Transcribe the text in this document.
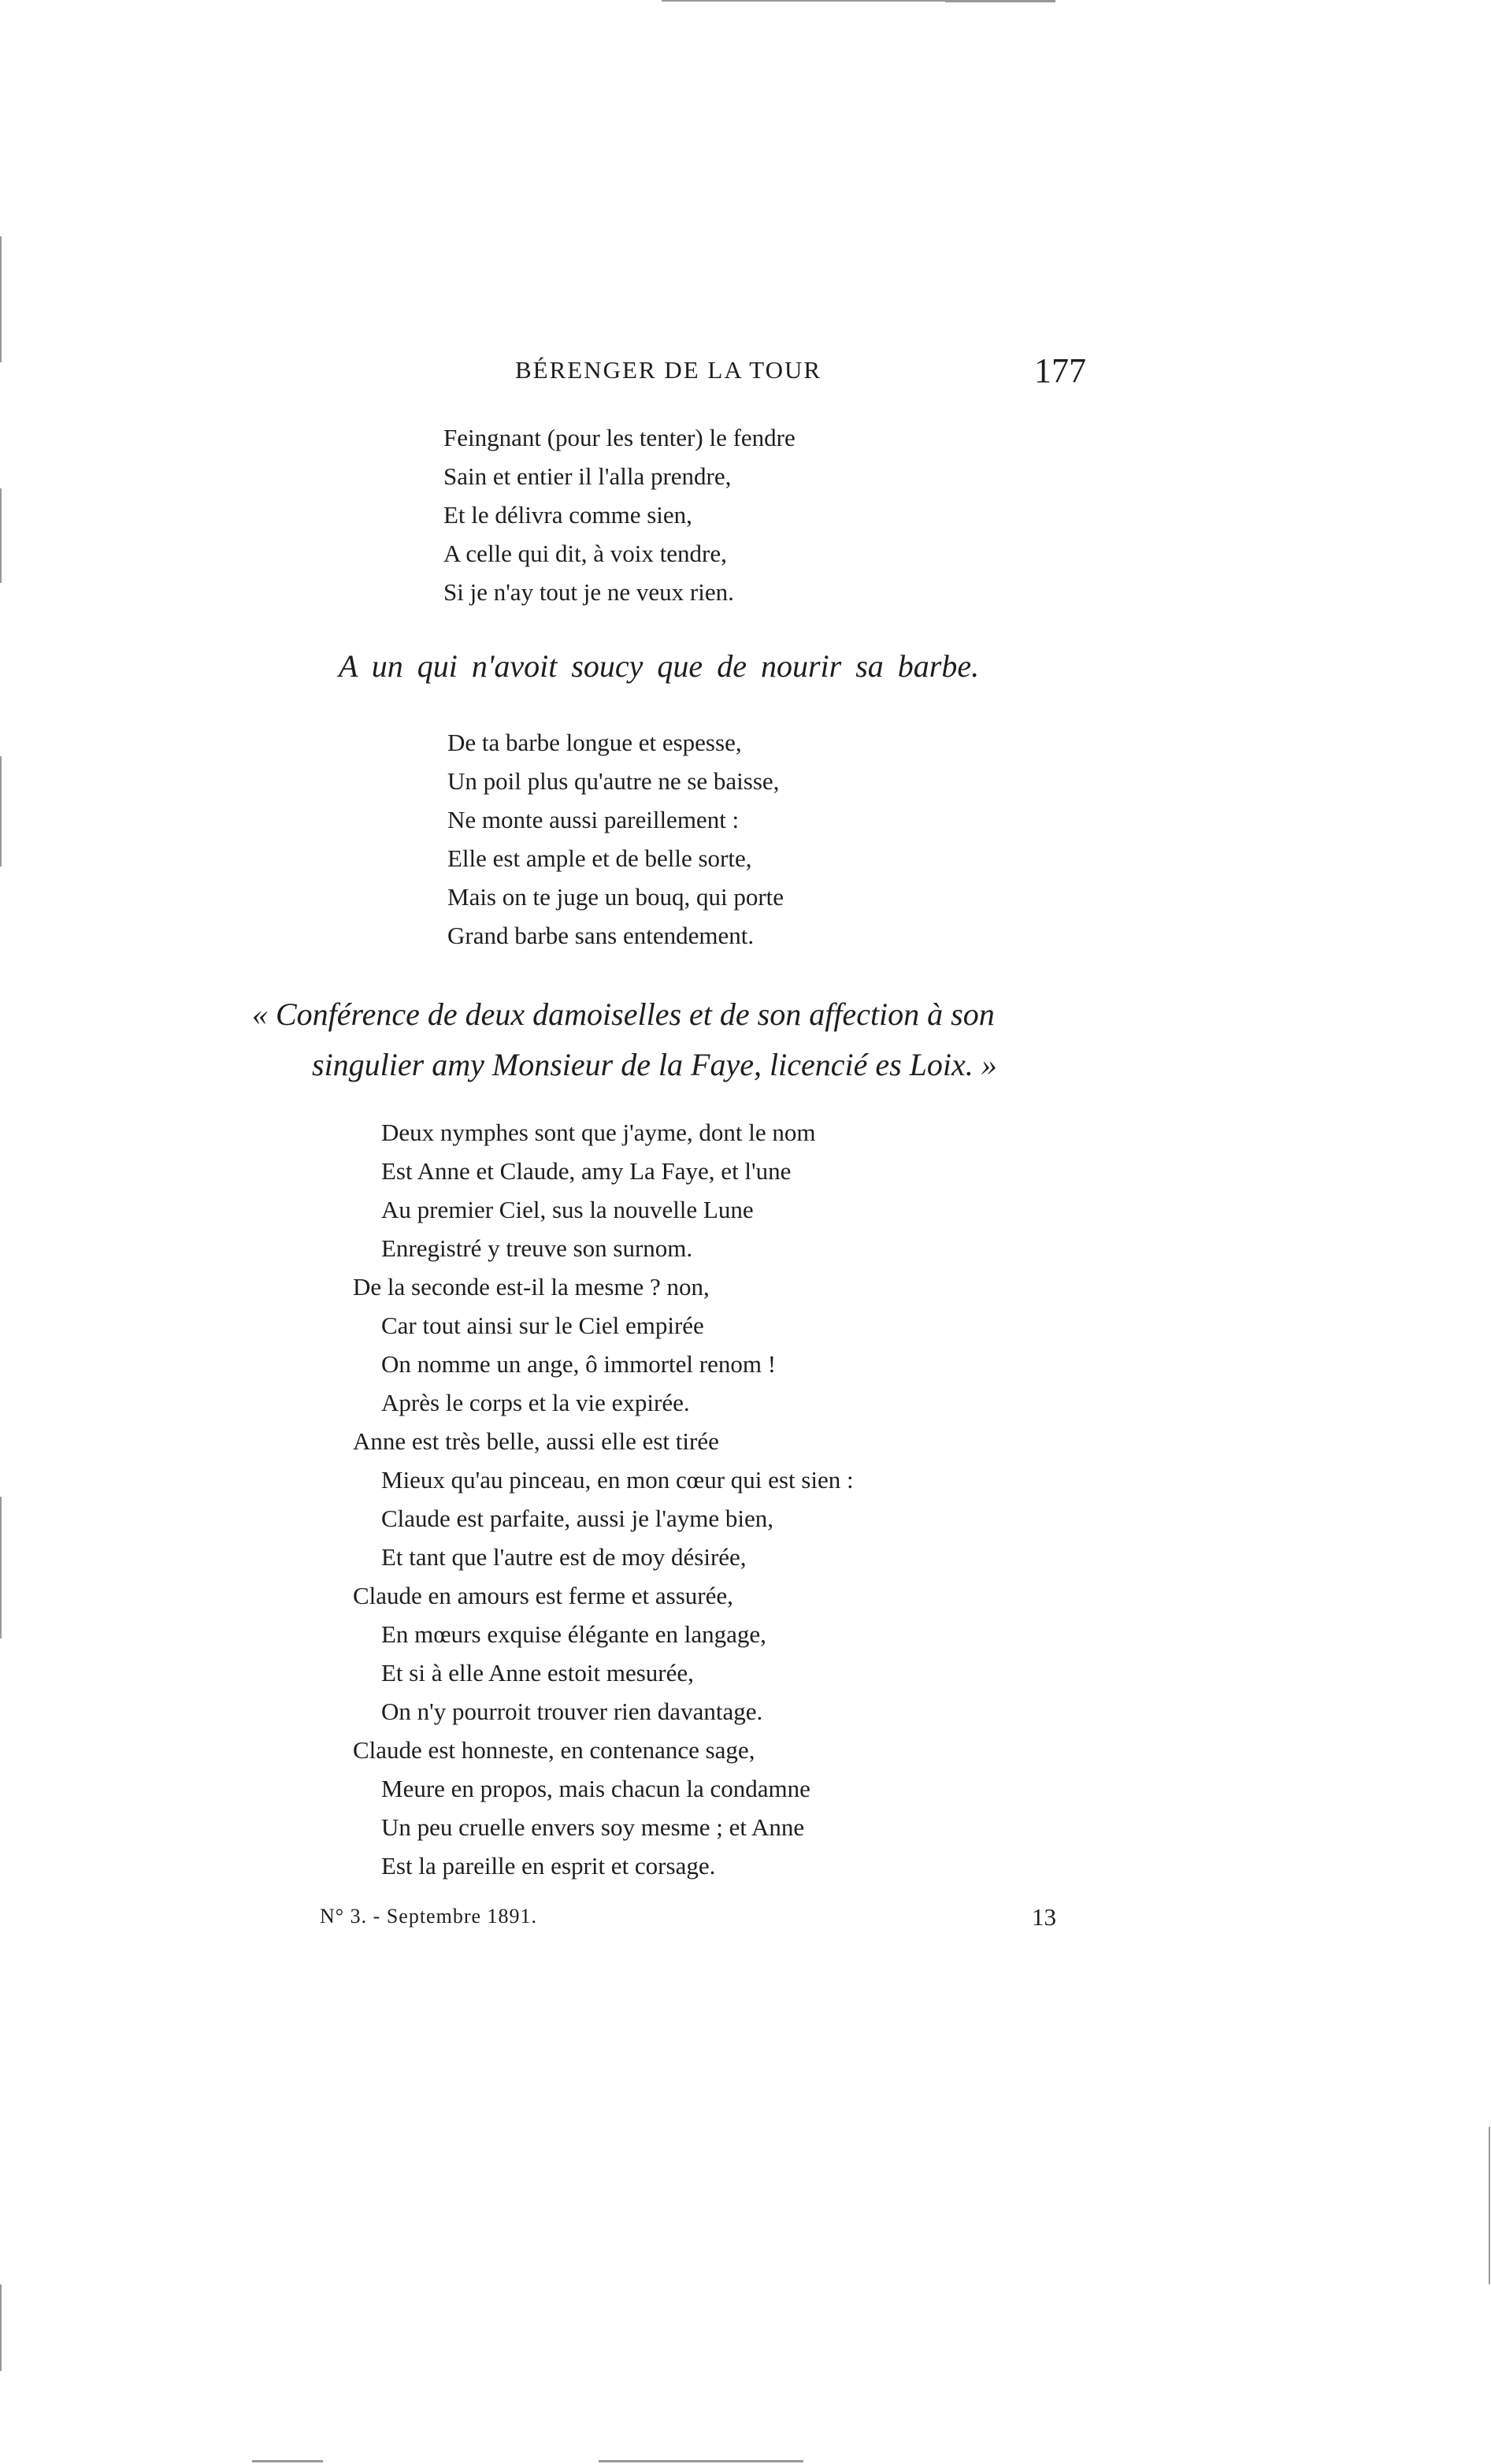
BÉRENGER DE LA TOUR	177
Feingnant (pour les tenter) le fendre
Sain et entier il l'alla prendre,
Et le délivra comme sien,
A celle qui dit, à voix tendre,
Si je n'ay tout je ne veux rien.
A un qui n'avoit soucy que de nourir sa barbe.
De ta barbe longue et espesse,
Un poil plus qu'autre ne se baisse,
Ne monte aussi pareillement :
Elle est ample et de belle sorte,
Mais on te juge un bouq, qui porte
Grand barbe sans entendement.
« Conférence de deux damoiselles et de son affection à son
singulier amy Monsieur de la Faye, licencié es Loix. »
Deux nymphes sont que j'ayme, dont le nom
Est Anne et Claude, amy La Faye, et l'une
Au premier Ciel, sus la nouvelle Lune
Enregistré y treuve son surnom.
De la seconde est-il la mesme ? non,
Car tout ainsi sur le Ciel empirée
On nomme un ange, ô immortel renom !
Après le corps et la vie expirée.
Anne est très belle, aussi elle est tirée
Mieux qu'au pinceau, en mon cœur qui est sien :
Claude est parfaite, aussi je l'ayme bien,
Et tant que l'autre est de moy désirée,
Claude en amours est ferme et assurée,
En mœurs exquise élégante en langage,
Et si à elle Anne estoit mesurée,
On n'y pourroit trouver rien davantage.
Claude est honneste, en contenance sage,
Meure en propos, mais chacun la condamne
Un peu cruelle envers soy mesme ; et Anne
Est la pareille en esprit et corsage.
N° 3. - Septembre 1891.	13
